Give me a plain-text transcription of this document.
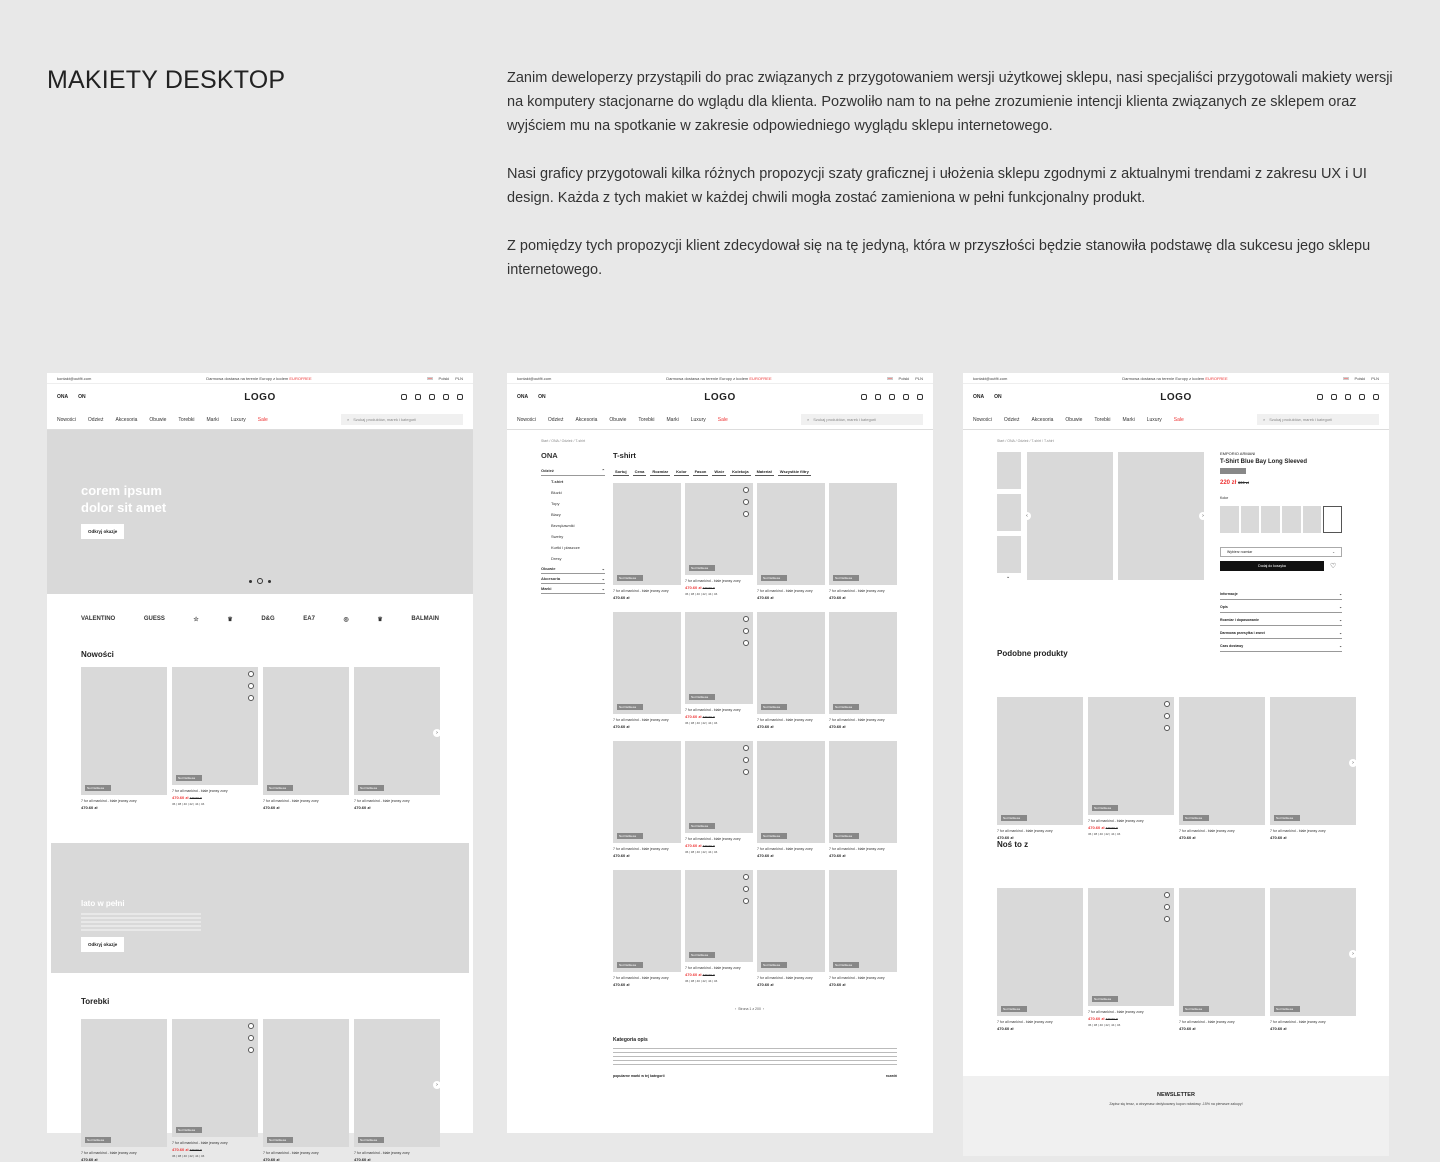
MAKIETY DESKTOP	Zanim deweloperzy przystąpili do prac związanych z przygotowaniem wersji użytkowej sklepu, nasi specjaliści przygotowali makiety wersji na komputery stacjonarne do wglądu dla klienta. Pozwoliło nam to na pełne zrozumienie intencji klienta związanych ze sklepem oraz wyjściem mu na spotkanie w zakresie odpowiedniego wyglądu sklepu internetowego.

Nasi graficy przygotowali kilka różnych propozycji szaty graficznej i ułożenia sklepu zgodnymi z aktualnymi trendami z zakresu UX i UI design. Każda z tych makiet w każdej chwili mogła zostać zamieniona w pełni funkcjonalny produkt.

Z pomiędzy tych propozycji klient zdecydował się na tę jedyną, która w przyszłości będzie stanowiła podstawę dla sukcesu jego sklepu internetowego.

kontakt@outfit.com	Darmowa dostawa na terenie Europy z kodem EUROFREE	Polski PLN
ONA ON	LOGO
Nowości Odzież Akcesoria Obuwie Torebki Marki Luxury Sale	⌕ Szukaj produktów, marek i kategorii
corem ipsum dolor sit amet
Odkryj okazje
VALENTINO	GUESS	☆	♛	D&G	EA7	◎	♛	BALMAIN
Nowości
Not Delikesa
7 for all mankind - białe jeansy zoey
470.60 zł
Not Delikesa
7 for all mankind - białe jeansy zoey
470.60 zł 470.60 zł
36 | 38 | 40 | 42 | 44 | 46
Not Delikesa
7 for all mankind - białe jeansy zoey
470.60 zł
Not Delikesa
7 for all mankind - białe jeansy zoey
470.60 zł
›
lato w pełni
Odkryj okazje
Torebki
Not Delikesa
7 for all mankind - białe jeansy zoey
470.60 zł
Not Delikesa
7 for all mankind - białe jeansy zoey
470.60 zł 470.60 zł
36 | 38 | 40 | 42 | 44 | 46
Not Delikesa
7 for all mankind - białe jeansy zoey
470.60 zł
Not Delikesa
7 for all mankind - białe jeansy zoey
470.60 zł
›
kontakt@outfit.com	Darmowa dostawa na terenie Europy z kodem EUROFREE	Polski PLN
ONA ON	LOGO
Nowości Odzież Akcesoria Obuwie Torebki Marki Luxury Sale	⌕ Szukaj produktów, marek i kategorii
Start / ONA / Odzież / T-shirt
ONA
Odzież	⌃
T-shirt
Bluzki
Topy
Blazy
Bezrękawniki
Swetry
Kurtki i płaszcze
Dresy
Obuwie	⌄
Akcesoria	⌄
Marki	⌄
T-shirt
Sortuj	Cena	Rozmiar	Kolor	Fason	Wzór	Kolekcja	Materiał	Wszystkie filtry
Not Delikesa
7 for all mankind - białe jeansy zoey
470.60 zł
Not Delikesa
7 for all mankind - białe jeansy zoey
470.60 zł 470.60 zł
36 | 38 | 40 | 42 | 44 | 46
Not Delikesa
7 for all mankind - białe jeansy zoey
470.60 zł
Not Delikesa
7 for all mankind - białe jeansy zoey
470.60 zł
Not Delikesa
7 for all mankind - białe jeansy zoey
470.60 zł
Not Delikesa
7 for all mankind - białe jeansy zoey
470.60 zł 470.60 zł
36 | 38 | 40 | 42 | 44 | 46
Not Delikesa
7 for all mankind - białe jeansy zoey
470.60 zł
Not Delikesa
7 for all mankind - białe jeansy zoey
470.60 zł
Not Delikesa
7 for all mankind - białe jeansy zoey
470.60 zł
Not Delikesa
7 for all mankind - białe jeansy zoey
470.60 zł 470.60 zł
36 | 38 | 40 | 42 | 44 | 46
Not Delikesa
7 for all mankind - białe jeansy zoey
470.60 zł
Not Delikesa
7 for all mankind - białe jeansy zoey
470.60 zł
Not Delikesa
7 for all mankind - białe jeansy zoey
470.60 zł
Not Delikesa
7 for all mankind - białe jeansy zoey
470.60 zł 470.60 zł
36 | 38 | 40 | 42 | 44 | 46
Not Delikesa
7 for all mankind - białe jeansy zoey
470.60 zł
Not Delikesa
7 for all mankind - białe jeansy zoey
470.60 zł
‹  Strona 1 z 200  ›
Kategoria opis
popularne marki w tej kategorii	rozwiń
kontakt@outfit.com	Darmowa dostawa na terenie Europy z kodem EUROFREE	Polski PLN
ONA ON	LOGO
Nowości Odzież Akcesoria Obuwie Torebki Marki Luxury Sale	⌕ Szukaj produktów, marek i kategorii
Start / ONA / Odzież / T-shirt / T-shirt
⌄
‹	›
EMPORIO ARMANI
T-Shirt Blue Bay Long Sleeved
220 zł 300 zł
Kolor
Wybierz rozmiar	⌄
Dodaj do koszyka	♡
Informacje	⌄
Opis	⌄
Rozmiar i dopasowanie	⌄
Darmowa przesyłka i zwrot	⌄
Czas dostawy	⌄
Podobne produkty
Not Delikesa
7 for all mankind - białe jeansy zoey
470.60 zł
Not Delikesa
7 for all mankind - białe jeansy zoey
470.60 zł 470.60 zł
36 | 38 | 40 | 42 | 44 | 46
Not Delikesa
7 for all mankind - białe jeansy zoey
470.60 zł
Not Delikesa
7 for all mankind - białe jeansy zoey
470.60 zł
›
Noś to z
Not Delikesa
7 for all mankind - białe jeansy zoey
470.60 zł
Not Delikesa
7 for all mankind - białe jeansy zoey
470.60 zł 470.60 zł
36 | 38 | 40 | 42 | 44 | 46
Not Delikesa
7 for all mankind - białe jeansy zoey
470.60 zł
Not Delikesa
7 for all mankind - białe jeansy zoey
470.60 zł
›
NEWSLETTER

Zapisz się teraz, a otrzymasz dedykowany kupon rabatowy -15% na pierwsze zakupy!
